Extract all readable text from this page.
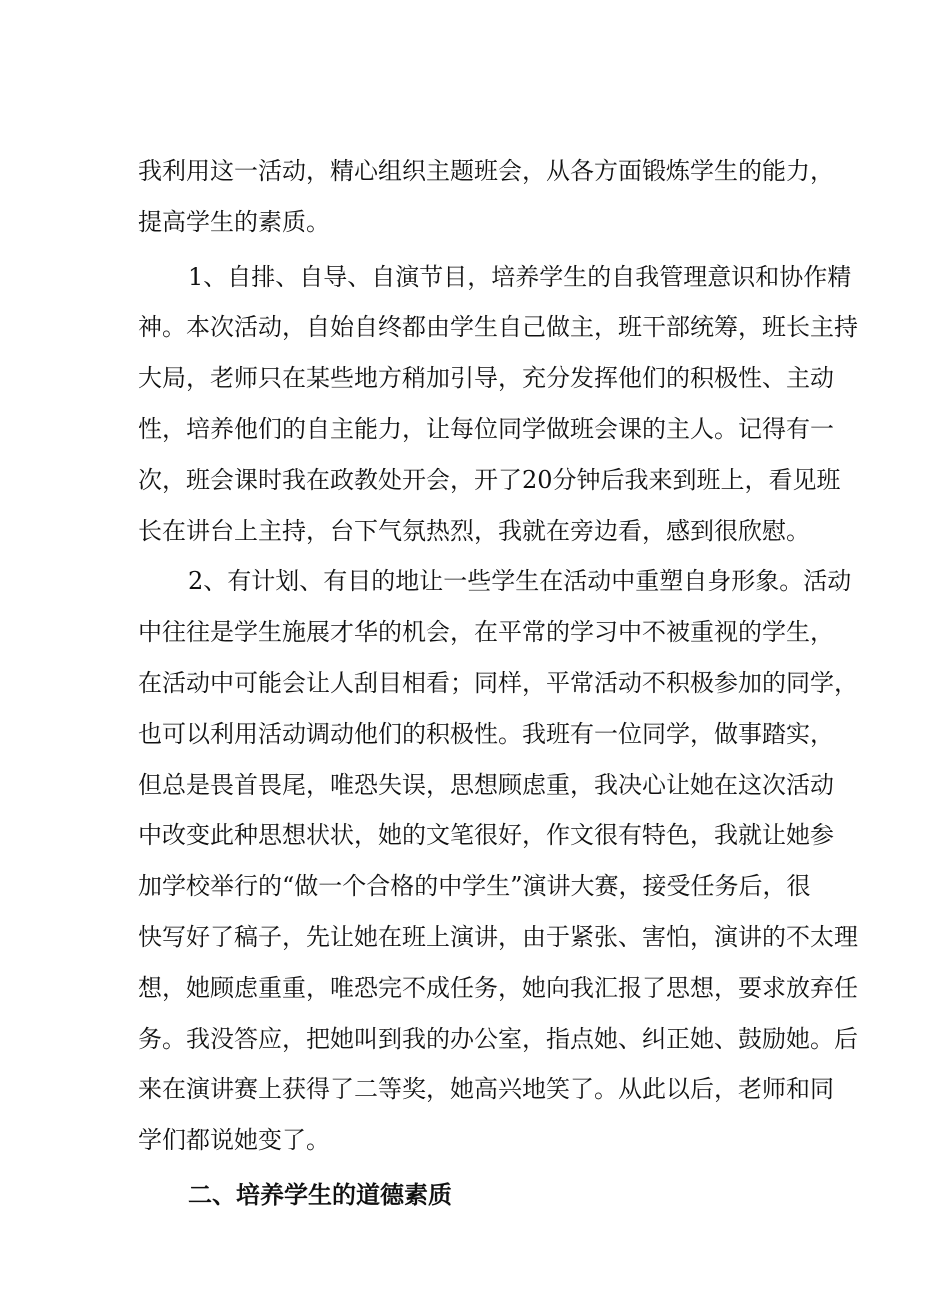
我利用这一活动，精心组织主题班会，从各方面锻炼学生的能力，
提高学生的素质。
1、自排、自导、自演节目，培养学生的自我管理意识和协作精
神。本次活动，自始自终都由学生自己做主，班干部统筹，班长主持
大局，老师只在某些地方稍加引导，充分发挥他们的积极性、主动
性，培养他们的自主能力，让每位同学做班会课的主人。记得有一
次，班会课时我在政教处开会，开了20分钟后我来到班上，看见班
长在讲台上主持，台下气氛热烈，我就在旁边看，感到很欣慰。
2、有计划、有目的地让一些学生在活动中重塑自身形象。活动
中往往是学生施展才华的机会，在平常的学习中不被重视的学生，
在活动中可能会让人刮目相看；同样，平常活动不积极参加的同学，
也可以利用活动调动他们的积极性。我班有一位同学，做事踏实，
但总是畏首畏尾，唯恐失误，思想顾虑重，我决心让她在这次活动
中改变此种思想状状，她的文笔很好，作文很有特色，我就让她参
加学校举行的“做一个合格的中学生”演讲大赛，接受任务后，很
快写好了稿子，先让她在班上演讲，由于紧张、害怕，演讲的不太理
想，她顾虑重重，唯恐完不成任务，她向我汇报了思想，要求放弃任
务。我没答应，把她叫到我的办公室，指点她、纠正她、鼓励她。后
来在演讲赛上获得了二等奖，她高兴地笑了。从此以后，老师和同
学们都说她变了。
二、培养学生的道德素质
